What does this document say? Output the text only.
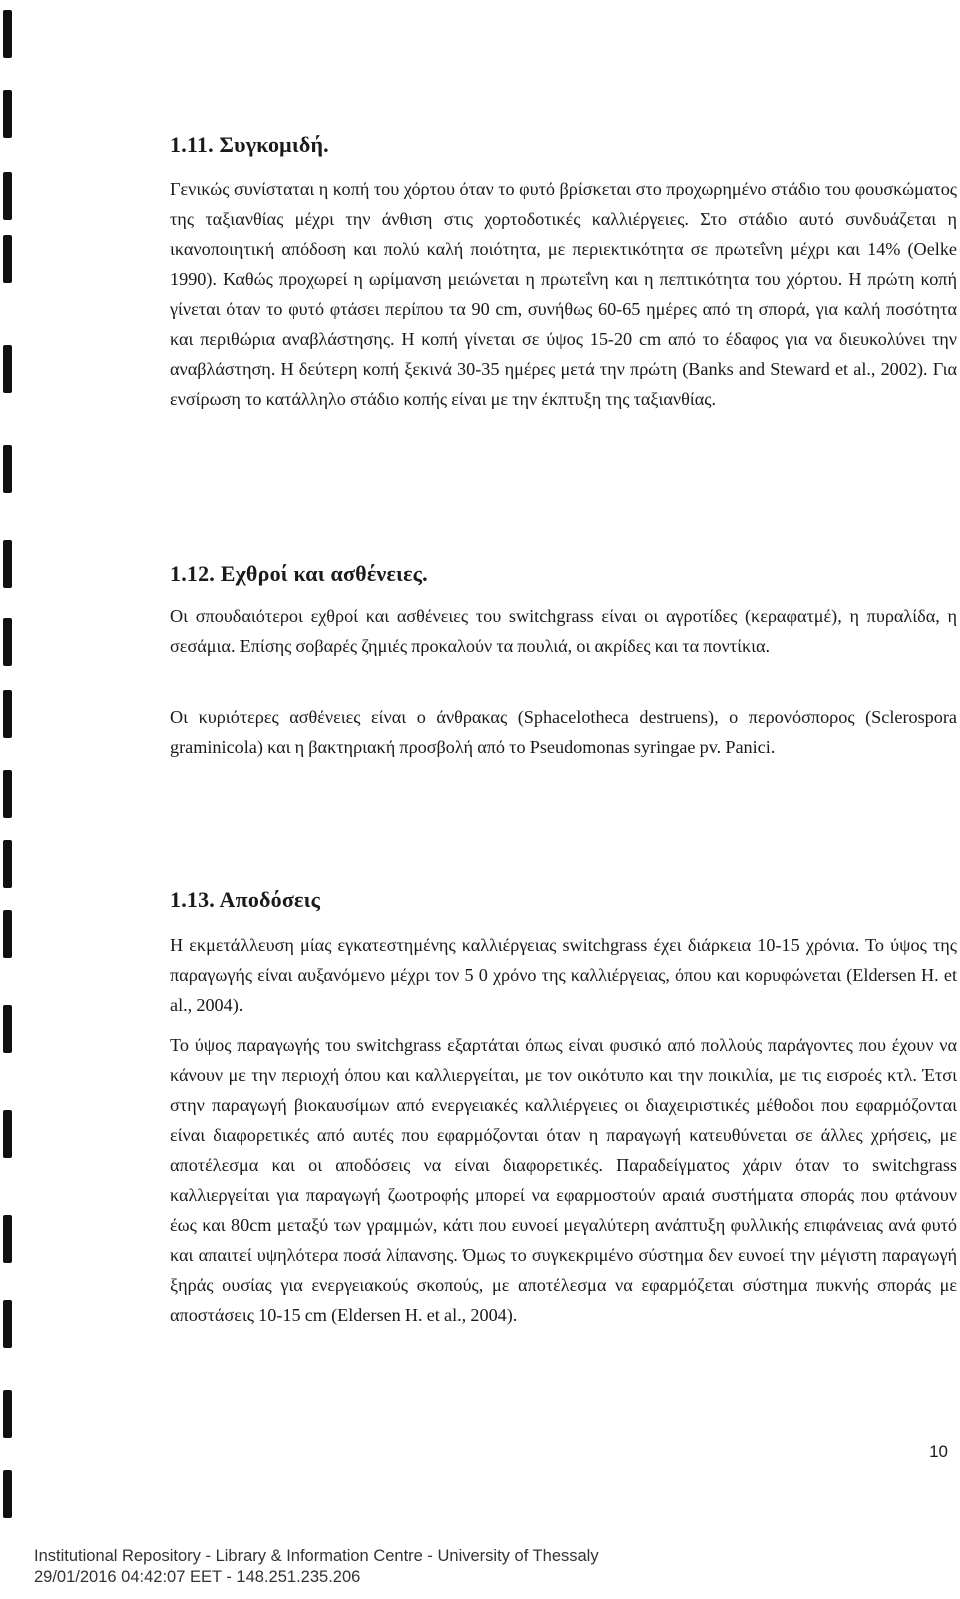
1.11. Συγκομιδή.

Γενικώς συνίσταται η κοπή του χόρτου όταν το φυτό βρίσκεται στο προχωρημένο στάδιο του φουσκώματος της ταξιανθίας μέχρι την άνθιση στις χορτοδοτικές καλλιέργειες. Στο στάδιο αυτό συνδυάζεται η ικανοποιητική απόδοση και πολύ καλή ποιότητα, με περιεκτικότητα σε πρωτεΐνη μέχρι και 14% (Oelke 1990). Καθώς προχωρεί η ωρίμανση μειώνεται η πρωτεΐνη και η πεπτικότητα του χόρτου. Η πρώτη κοπή γίνεται όταν το φυτό φτάσει περίπου τα 90 cm, συνήθως 60-65 ημέρες από τη σπορά, για καλή ποσότητα και περιθώρια αναβλάστησης. Η κοπή γίνεται σε ύψος 15-20 cm από το έδαφος για να διευκολύνει την αναβλάστηση. Η δεύτερη κοπή ξεκινά 30-35 ημέρες μετά την πρώτη (Banks and Steward et al., 2002). Για ενσίρωση το κατάλληλο στάδιο κοπής είναι με την έκπτυξη της ταξιανθίας.

1.12. Εχθροί και ασθένειες.

Οι σπουδαιότεροι εχθροί και ασθένειες του switchgrass είναι οι αγροτίδες (κεραφατμέ), η πυραλίδα, η σεσάμια. Επίσης σοβαρές ζημιές προκαλούν τα πουλιά, οι ακρίδες και τα ποντίκια.

Οι κυριότερες ασθένειες είναι ο άνθρακας (Sphacelotheca destruens), ο περονόσπορος (Sclerospora graminicola) και η βακτηριακή προσβολή από το Pseudomonas syringae pv. Panici.

1.13. Αποδόσεις

Η εκμετάλλευση μίας εγκατεστημένης καλλιέργειας switchgrass έχει διάρκεια 10-15 χρόνια. Το ύψος της παραγωγής είναι αυξανόμενο μέχρι τον 5 0 χρόνο της καλλιέργειας, όπου και κορυφώνεται (Eldersen H. et al., 2004).

Το ύψος παραγωγής του switchgrass εξαρτάται όπως είναι φυσικό από πολλούς παράγοντες που έχουν να κάνουν με την περιοχή όπου και καλλιεργείται, με τον οικότυπο και την ποικιλία, με τις εισροές κτλ. Έτσι στην παραγωγή βιοκαυσίμων από ενεργειακές καλλιέργειες οι διαχειριστικές μέθοδοι που εφαρμόζονται είναι διαφορετικές από αυτές που εφαρμόζονται όταν η παραγωγή κατευθύνεται σε άλλες χρήσεις, με αποτέλεσμα και οι αποδόσεις να είναι διαφορετικές. Παραδείγματος χάριν όταν το switchgrass καλλιεργείται για παραγωγή ζωοτροφής μπορεί να εφαρμοστούν αραιά συστήματα σποράς που φτάνουν έως και 80cm μεταξύ των γραμμών, κάτι που ευνοεί μεγαλύτερη ανάπτυξη φυλλικής επιφάνειας ανά φυτό και απαιτεί υψηλότερα ποσά λίπανσης. Όμως το συγκεκριμένο σύστημα δεν ευνοεί την μέγιστη παραγωγή ξηράς ουσίας για ενεργειακούς σκοπούς, με αποτέλεσμα να εφαρμόζεται σύστημα πυκνής σποράς με αποστάσεις 10-15 cm (Eldersen H. et al., 2004).

10
Institutional Repository - Library & Information Centre - University of Thessaly
29/01/2016 04:42:07 EET - 148.251.235.206
